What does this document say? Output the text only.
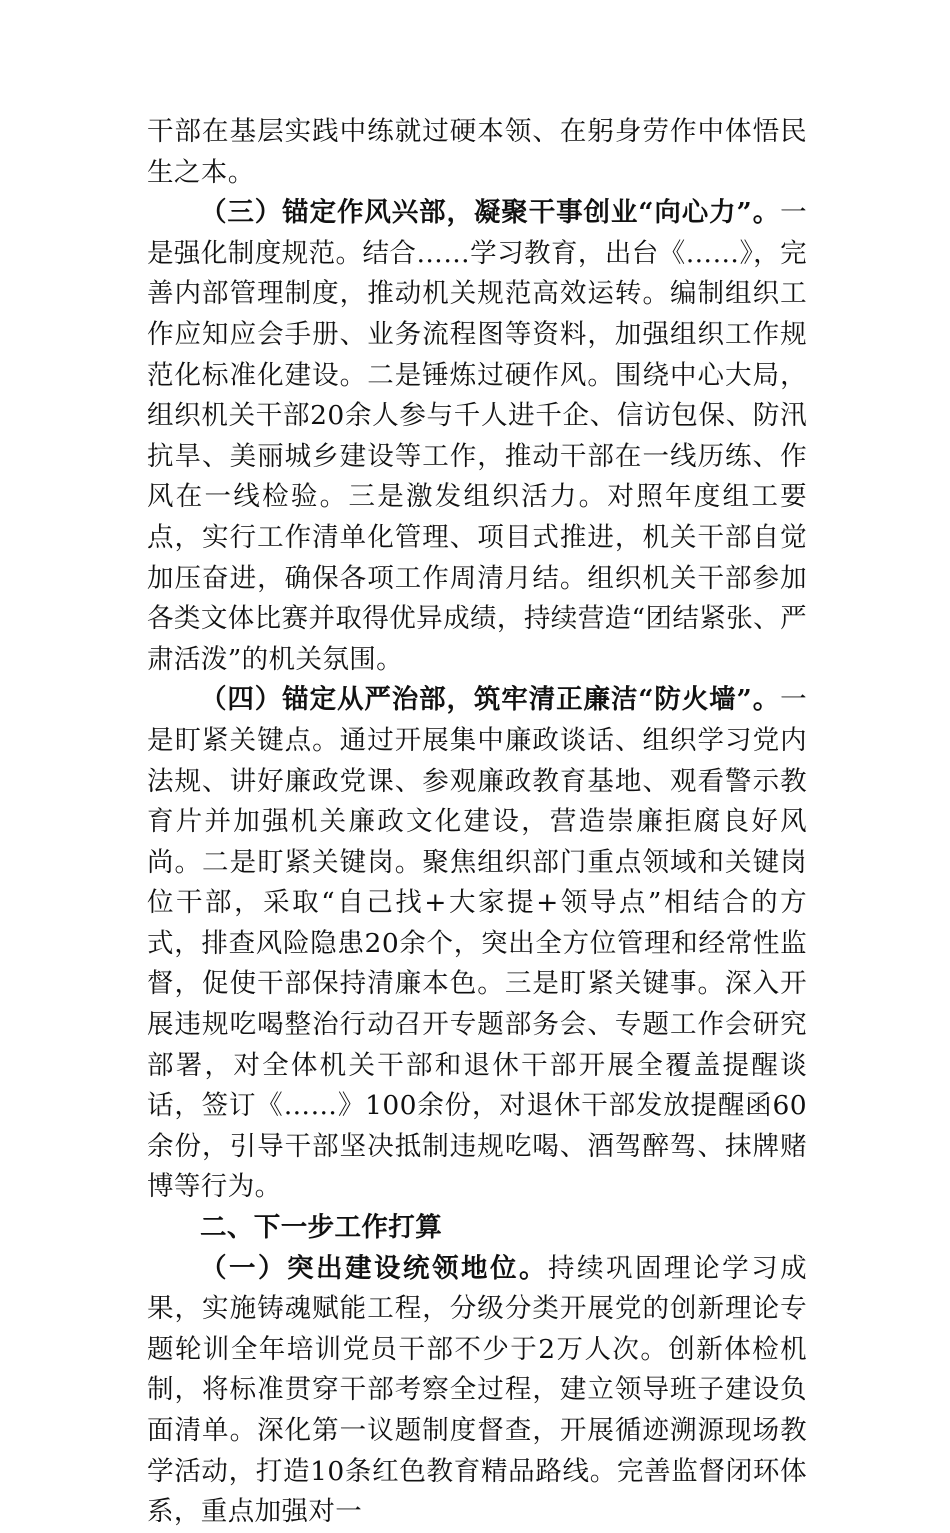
干部在基层实践中练就过硬本领、在躬身劳作中体悟民生之本。

（三）锚定作风兴部，凝聚干事创业“向心力”。一是强化制度规范。结合……学习教育，出台《……》，完善内部管理制度，推动机关规范高效运转。编制组织工作应知应会手册、业务流程图等资料，加强组织工作规范化标准化建设。二是锤炼过硬作风。围绕中心大局，组织机关干部20余人参与千人进千企、信访包保、防汛抗旱、美丽城乡建设等工作，推动干部在一线历练、作风在一线检验。三是激发组织活力。对照年度组工要点，实行工作清单化管理、项目式推进，机关干部自觉加压奋进，确保各项工作周清月结。组织机关干部参加各类文体比赛并取得优异成绩，持续营造“团结紧张、严肃活泼”的机关氛围。

（四）锚定从严治部，筑牢清正廉洁“防火墙”。一是盯紧关键点。通过开展集中廉政谈话、组织学习党内法规、讲好廉政党课、参观廉政教育基地、观看警示教育片并加强机关廉政文化建设，营造崇廉拒腐良好风尚。二是盯紧关键岗。聚焦组织部门重点领域和关键岗位干部，采取“自己找+大家提+领导点”相结合的方式，排查风险隐患20余个，突出全方位管理和经常性监督，促使干部保持清廉本色。三是盯紧关键事。深入开展违规吃喝整治行动召开专题部务会、专题工作会研究部署，对全体机关干部和退休干部开展全覆盖提醒谈话，签订《……》100余份，对退休干部发放提醒函60余份，引导干部坚决抵制违规吃喝、酒驾醉驾、抹牌赌博等行为。

二、下一步工作打算

（一）突出建设统领地位。持续巩固理论学习成果，实施铸魂赋能工程，分级分类开展党的创新理论专题轮训全年培训党员干部不少于2万人次。创新体检机制，将标准贯穿干部考察全过程，建立领导班子建设负面清单。深化第一议题制度督查，开展循迹溯源现场教学活动，打造10条红色教育精品路线。完善监督闭环体系，重点加强对一
